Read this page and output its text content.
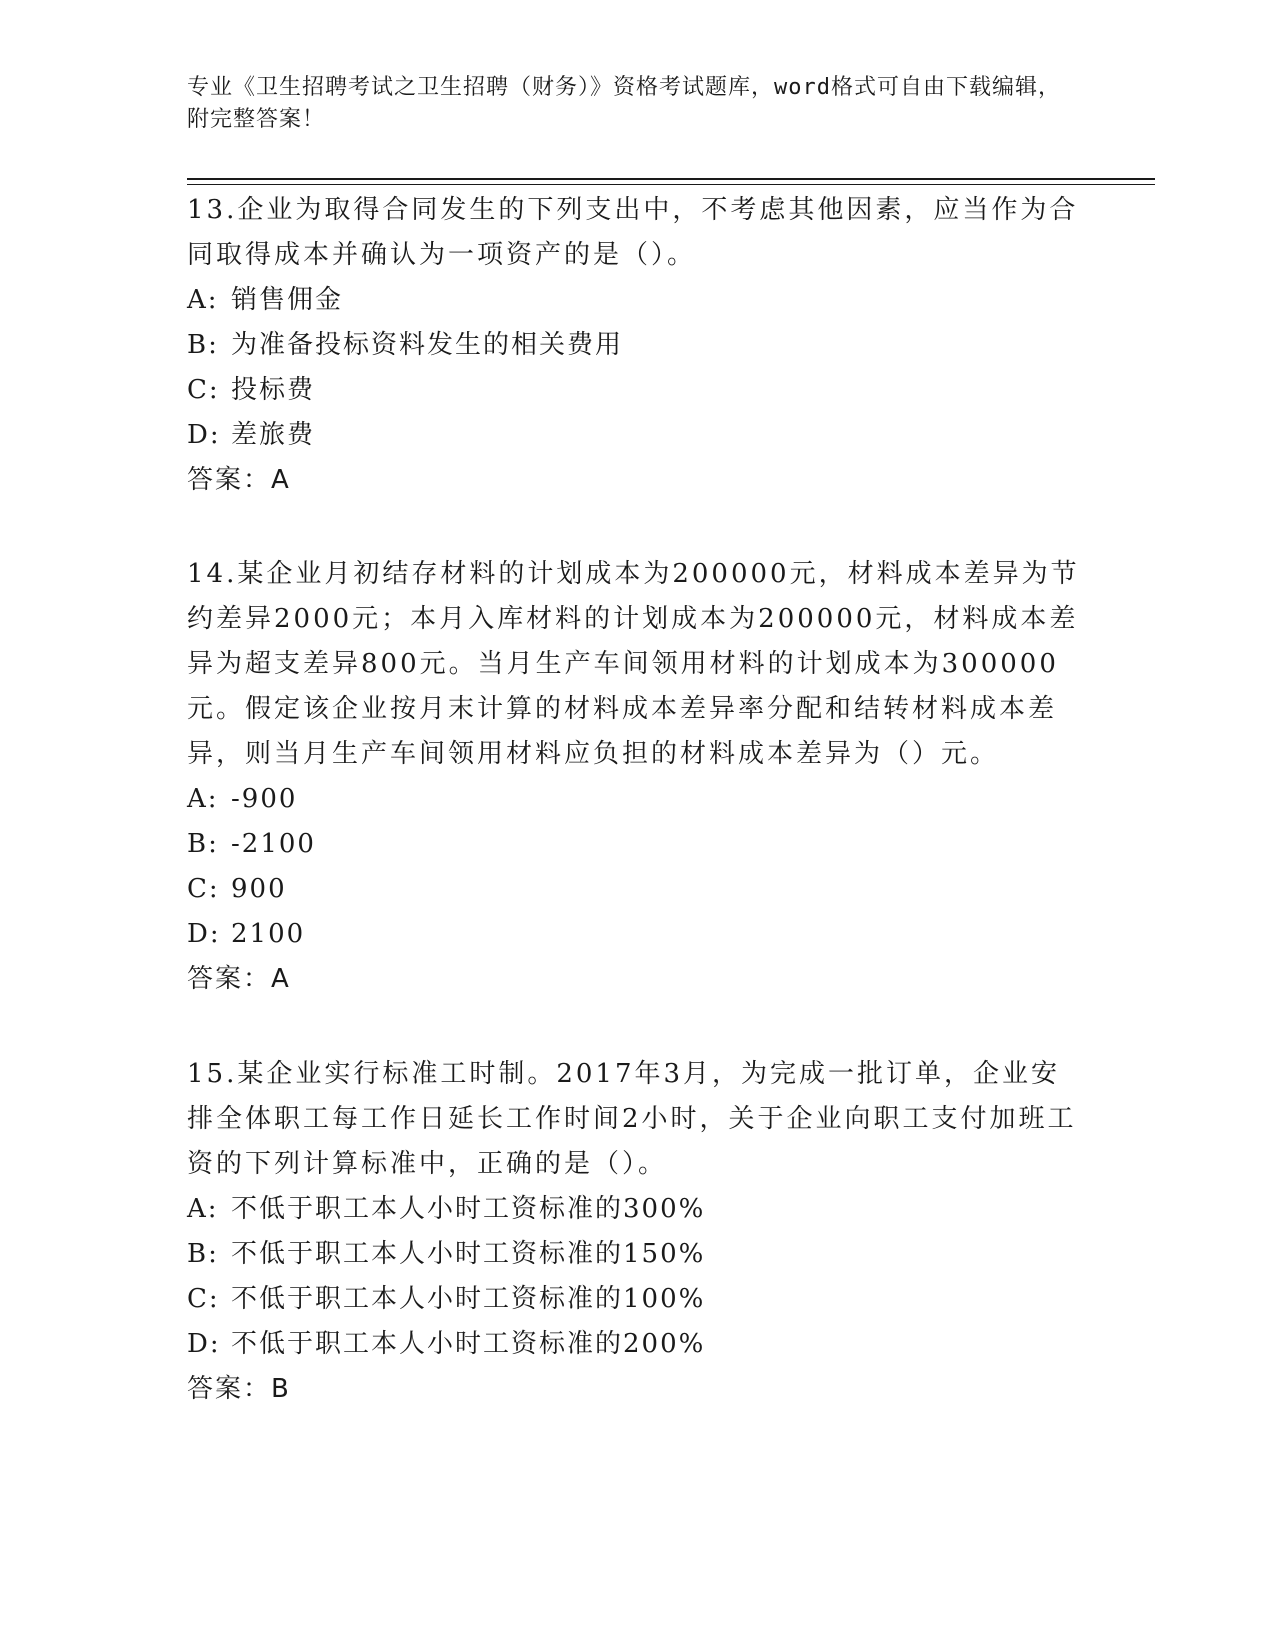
专业《卫生招聘考试之卫生招聘（财务）》资格考试题库，word格式可自由下载编辑，附完整答案！

13.企业为取得合同发生的下列支出中，不考虑其他因素，应当作为合同取得成本并确认为一项资产的是（）。

A: 销售佣金

B: 为准备投标资料发生的相关费用

C: 投标费

D: 差旅费

答案：A

14.某企业月初结存材料的计划成本为200000元，材料成本差异为节约差异2000元；本月入库材料的计划成本为200000元，材料成本差异为超支差异800元。当月生产车间领用材料的计划成本为300000元。假定该企业按月末计算的材料成本差异率分配和结转材料成本差异，则当月生产车间领用材料应负担的材料成本差异为（）元。

A: -900

B: -2100

C: 900

D: 2100

答案：A

15.某企业实行标准工时制。2017年3月，为完成一批订单，企业安排全体职工每工作日延长工作时间2小时，关于企业向职工支付加班工资的下列计算标准中，正确的是（）。

A: 不低于职工本人小时工资标准的300%

B: 不低于职工本人小时工资标准的150%

C: 不低于职工本人小时工资标准的100%

D: 不低于职工本人小时工资标准的200%

答案：B
